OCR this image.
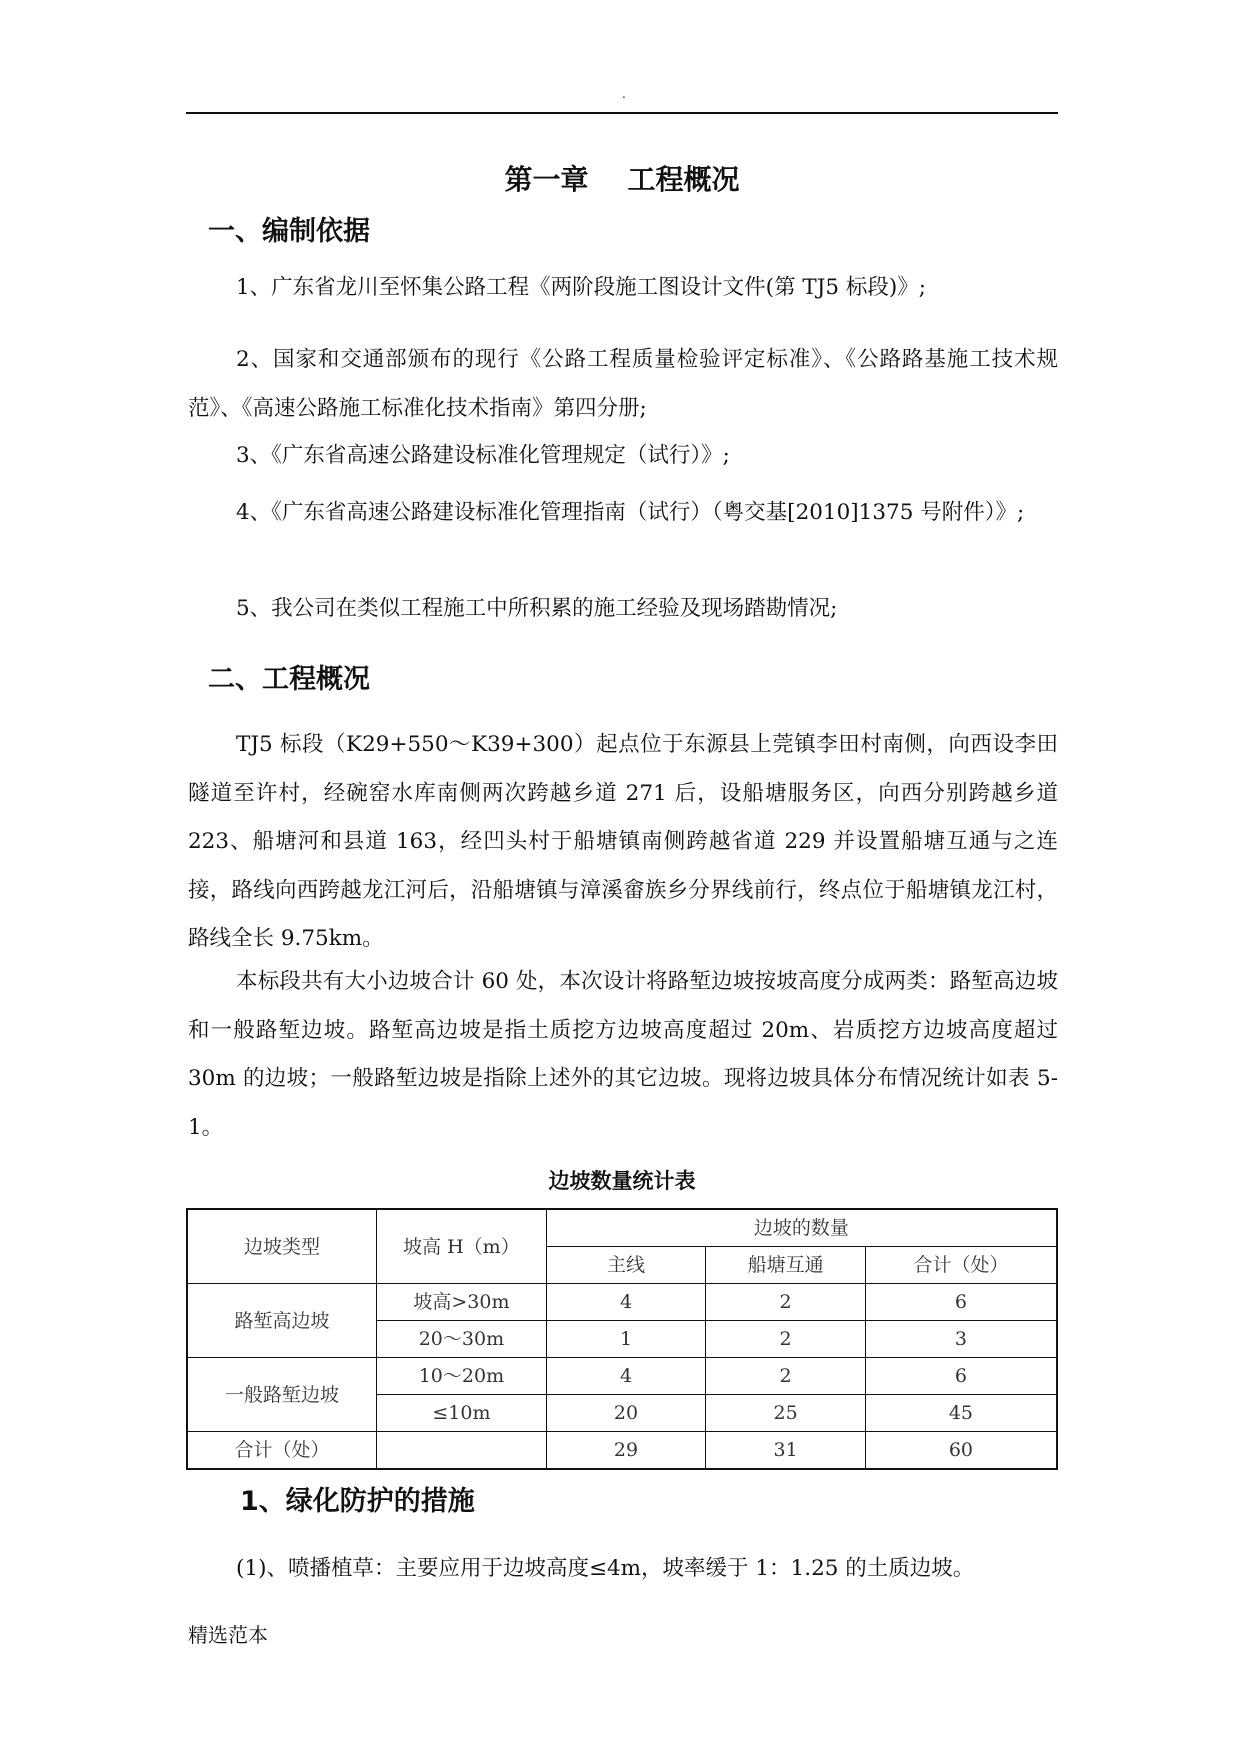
.
第一章    工程概况
一、编制依据
1、广东省龙川至怀集公路工程《两阶段施工图设计文件(第 TJ5 标段)》;
2、国家和交通部颁布的现行《公路工程质量检验评定标准》、《公路路基施工技术规范》、《高速公路施工标准化技术指南》第四分册;
3、《广东省高速公路建设标准化管理规定（试行）》;
4、《广东省高速公路建设标准化管理指南（试行）（粤交基[2010]1375 号附件）》;
5、我公司在类似工程施工中所积累的施工经验及现场踏勘情况;
二、工程概况
TJ5 标段（K29+550～K39+300）起点位于东源县上莞镇李田村南侧，向西设李田隧道至许村，经碗窑水库南侧两次跨越乡道 271 后，设船塘服务区，向西分别跨越乡道 223、船塘河和县道 163，经凹头村于船塘镇南侧跨越省道 229 并设置船塘互通与之连接，路线向西跨越龙江河后，沿船塘镇与漳溪畲族乡分界线前行，终点位于船塘镇龙江村，路线全长 9.75km。
本标段共有大小边坡合计 60 处，本次设计将路堑边坡按坡高度分成两类：路堑高边坡和一般路堑边坡。路堑高边坡是指土质挖方边坡高度超过 20m、岩质挖方边坡高度超过 30m 的边坡；一般路堑边坡是指除上述外的其它边坡。现将边坡具体分布情况统计如表 5-1。
边坡数量统计表
边坡类型	坡高 H（m）	边坡的数量		
		主线	船塘互通	合计（处）
路堑高边坡	坡高>30m	4	2	6
	20～30m	1	2	3
一般路堑边坡	10～20m	4	2	6
	≤10m	20	25	45
合计（处）		29	31	60
1、绿化防护的措施
(1)、喷播植草：主要应用于边坡高度≤4m，坡率缓于 1：1.25 的土质边坡。
精选范本
